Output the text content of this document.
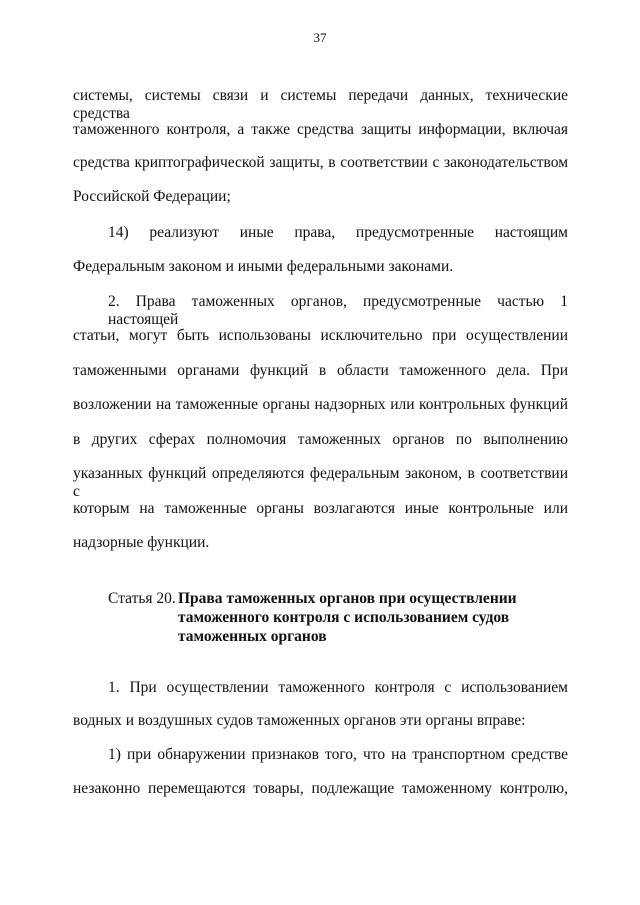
37
системы, системы связи и системы передачи данных, технические средства
таможенного контроля, а также средства защиты информации, включая
средства криптографической защиты, в соответствии с законодательством
Российской Федерации;
14) реализуют иные права, предусмотренные настоящим
Федеральным законом и иными федеральными законами.
2. Права таможенных органов, предусмотренные частью 1 настоящей
статьи, могут быть использованы исключительно при осуществлении
таможенными органами функций в области таможенного дела. При
возложении на таможенные органы надзорных или контрольных функций
в других сферах полномочия таможенных органов по выполнению
указанных функций определяются федеральным законом, в соответствии с
которым на таможенные органы возлагаются иные контрольные или
надзорные функции.
Статья 20. Права таможенных органов при осуществлении
таможенного контроля с использованием судов
таможенных органов
1. При осуществлении таможенного контроля с использованием
водных и воздушных судов таможенных органов эти органы вправе:
1) при обнаружении признаков того, что на транспортном средстве
незаконно перемещаются товары, подлежащие таможенному контролю,
